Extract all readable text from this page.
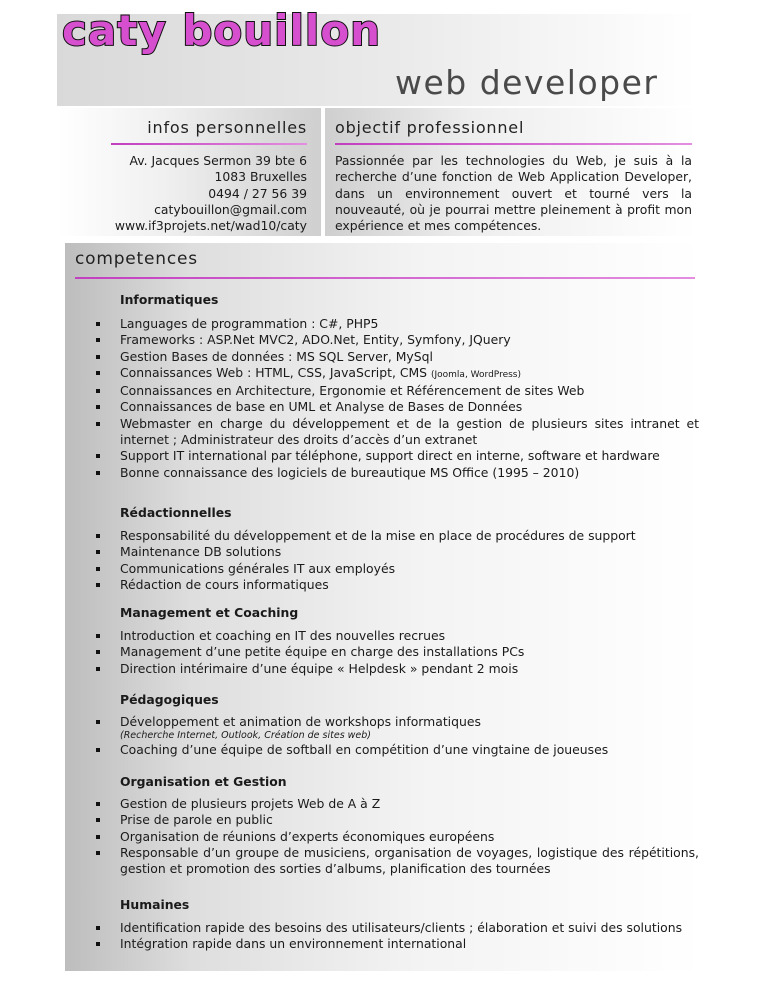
caty bouillon
web developer
infos personnelles
Av. Jacques Sermon 39 bte 6
1083 Bruxelles
0494 / 27 56 39
catybouillon@gmail.com
www.if3projets.net/wad10/caty
objectif professionnel
Passionnée par les technologies du Web, je suis à la recherche d’une fonction de Web Application Developer, dans un environnement ouvert et tourné vers la nouveauté, où je pourrai mettre pleinement à profit mon expérience et mes compétences.
competences
Informatiques
Languages de programmation : C#, PHP5
Frameworks : ASP.Net MVC2, ADO.Net, Entity, Symfony, JQuery
Gestion Bases de données : MS SQL Server, MySql
Connaissances Web : HTML, CSS, JavaScript, CMS (Joomla, WordPress)
Connaissances en Architecture, Ergonomie et Référencement de sites Web
Connaissances de base en UML et Analyse de Bases de Données
Webmaster en charge du développement et de la gestion de plusieurs sites intranet et internet ; Administrateur des droits d’accès d’un extranet
Support IT international par téléphone, support direct en interne, software et hardware
Bonne connaissance des logiciels de bureautique MS Office (1995 – 2010)
Rédactionnelles
Responsabilité du développement et de la mise en place de procédures de support
Maintenance DB solutions
Communications générales IT aux employés
Rédaction de cours informatiques
Management et Coaching
Introduction et coaching en IT des nouvelles recrues
Management d’une petite équipe en charge des installations PCs
Direction intérimaire d’une équipe « Helpdesk » pendant 2 mois
Pédagogiques
Développement et animation de workshops informatiques
(Recherche Internet, Outlook, Création de sites web)
Coaching d’une équipe de softball en compétition d’une vingtaine de joueuses
Organisation et Gestion
Gestion de plusieurs projets Web de A à Z
Prise de parole en public
Organisation de réunions d’experts économiques européens
Responsable d’un groupe de musiciens, organisation de voyages, logistique des répétitions, gestion et promotion des sorties d’albums, planification des tournées
Humaines
Identification rapide des besoins des utilisateurs/clients ; élaboration et suivi des solutions
Intégration rapide dans un environnement international
